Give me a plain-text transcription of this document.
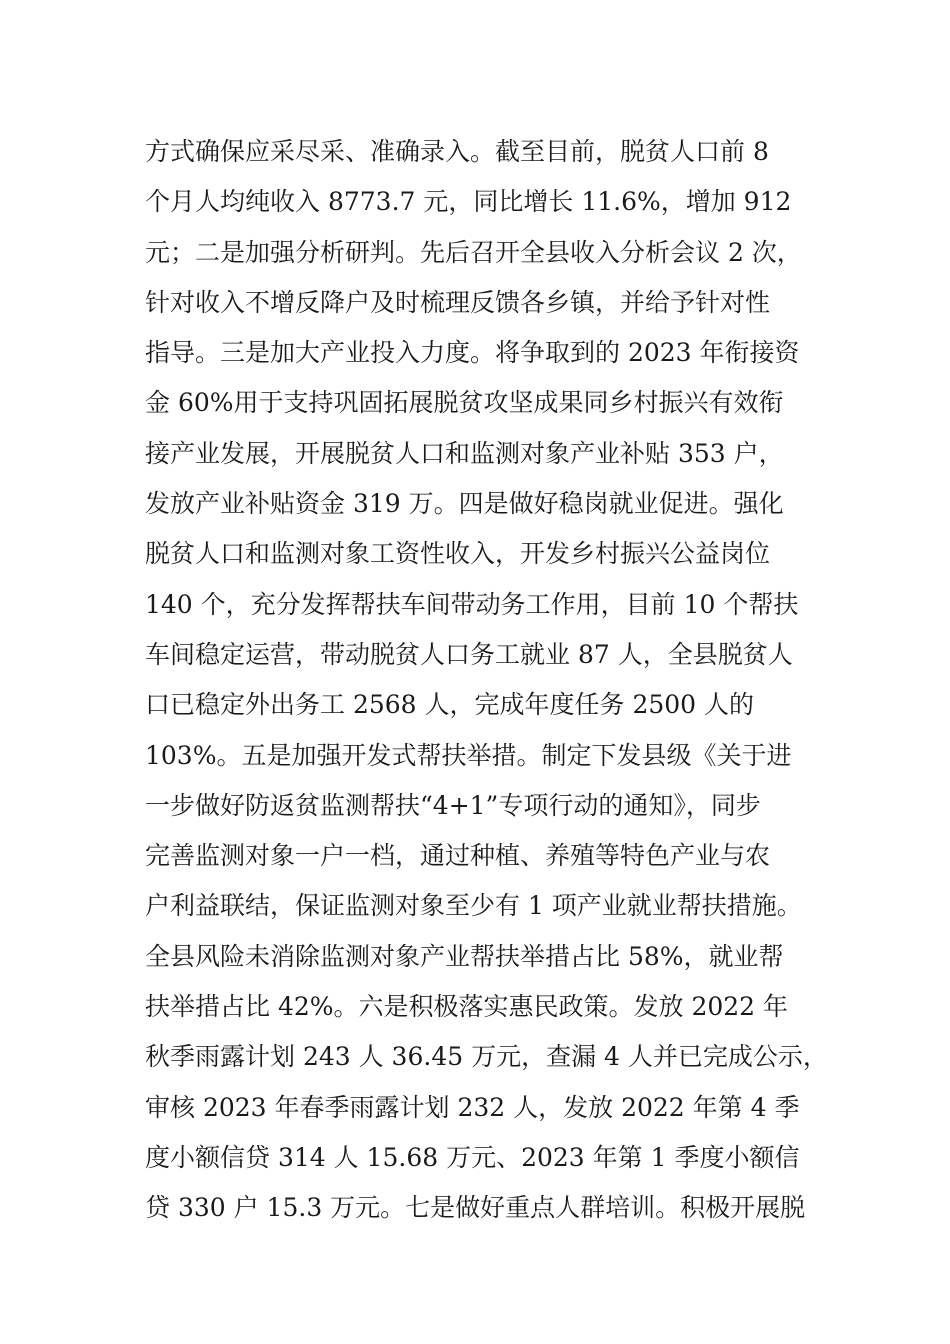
方式确保应采尽采、准确录入。截至目前，脱贫人口前 8
个月人均纯收入 8773.7 元，同比增长 11.6%，增加 912
元；二是加强分析研判。先后召开全县收入分析会议 2 次，
针对收入不增反降户及时梳理反馈各乡镇，并给予针对性
指导。三是加大产业投入力度。将争取到的 2023 年衔接资
金 60%用于支持巩固拓展脱贫攻坚成果同乡村振兴有效衔
接产业发展，开展脱贫人口和监测对象产业补贴 353 户，
发放产业补贴资金 319 万。四是做好稳岗就业促进。强化
脱贫人口和监测对象工资性收入，开发乡村振兴公益岗位
140 个，充分发挥帮扶车间带动务工作用，目前 10 个帮扶
车间稳定运营，带动脱贫人口务工就业 87 人，全县脱贫人
口已稳定外出务工 2568 人，完成年度任务 2500 人的
103%。五是加强开发式帮扶举措。制定下发县级《关于进
一步做好防返贫监测帮扶“4+1”专项行动的通知》，同步
完善监测对象一户一档，通过种植、养殖等特色产业与农
户利益联结，保证监测对象至少有 1 项产业就业帮扶措施。
全县风险未消除监测对象产业帮扶举措占比 58%，就业帮
扶举措占比 42%。六是积极落实惠民政策。发放 2022 年
秋季雨露计划 243 人 36.45 万元，查漏 4 人并已完成公示，
审核 2023 年春季雨露计划 232 人，发放 2022 年第 4 季
度小额信贷 314 人 15.68 万元、2023 年第 1 季度小额信
贷 330 户 15.3 万元。七是做好重点人群培训。积极开展脱
